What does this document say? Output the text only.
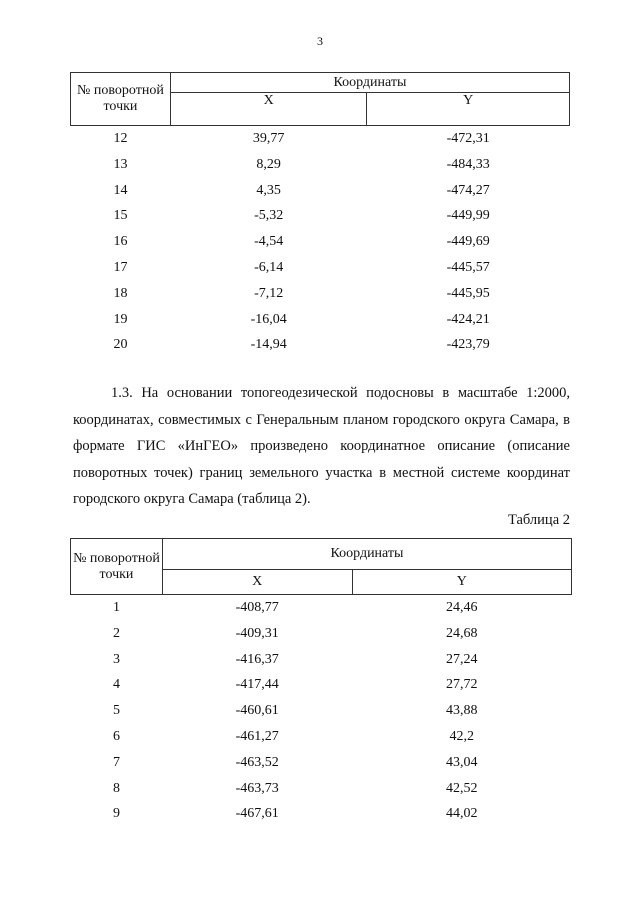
3
№ поворотной точки	Координаты	
	X	Y
12	39,77	-472,31
13	8,29	-484,33
14	4,35	-474,27
15	-5,32	-449,99
16	-4,54	-449,69
17	-6,14	-445,57
18	-7,12	-445,95
19	-16,04	-424,21
20	-14,94	-423,79

1.3. На основании топогеодезической подосновы в масштабе 1:2000, координатах, совместимых с Генеральным планом городского округа Самара, в формате ГИС «ИнГЕО» произведено координатное описание (описание поворотных точек) границ земельного участка в местной системе координат городского округа Самара (таблица 2).

Таблица 2
№ поворотной точки	Координаты	
	X	Y
1	-408,77	24,46
2	-409,31	24,68
3	-416,37	27,24
4	-417,44	27,72
5	-460,61	43,88
6	-461,27	42,2
7	-463,52	43,04
8	-463,73	42,52
9	-467,61	44,02
